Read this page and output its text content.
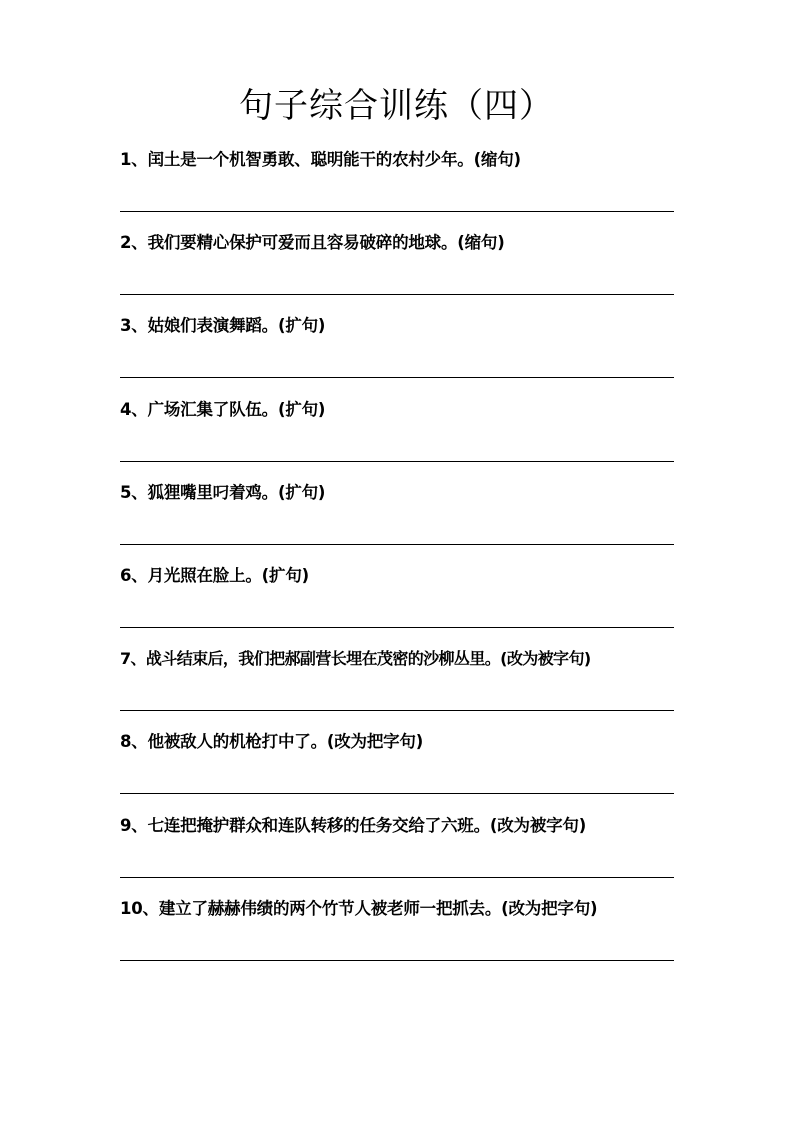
句子综合训练（四）
1、闰土是一个机智勇敢、聪明能干的农村少年。(缩句)
2、我们要精心保护可爱而且容易破碎的地球。(缩句)
3、姑娘们表演舞蹈。(扩句)
4、广场汇集了队伍。(扩句)
5、狐狸嘴里叼着鸡。(扩句)
6、月光照在脸上。(扩句)
7、战斗结束后，我们把郝副营长埋在茂密的沙柳丛里。(改为被字句)
8、他被敌人的机枪打中了。(改为把字句)
9、七连把掩护群众和连队转移的任务交给了六班。(改为被字句)
10、建立了赫赫伟绩的两个竹节人被老师一把抓去。(改为把字句)
